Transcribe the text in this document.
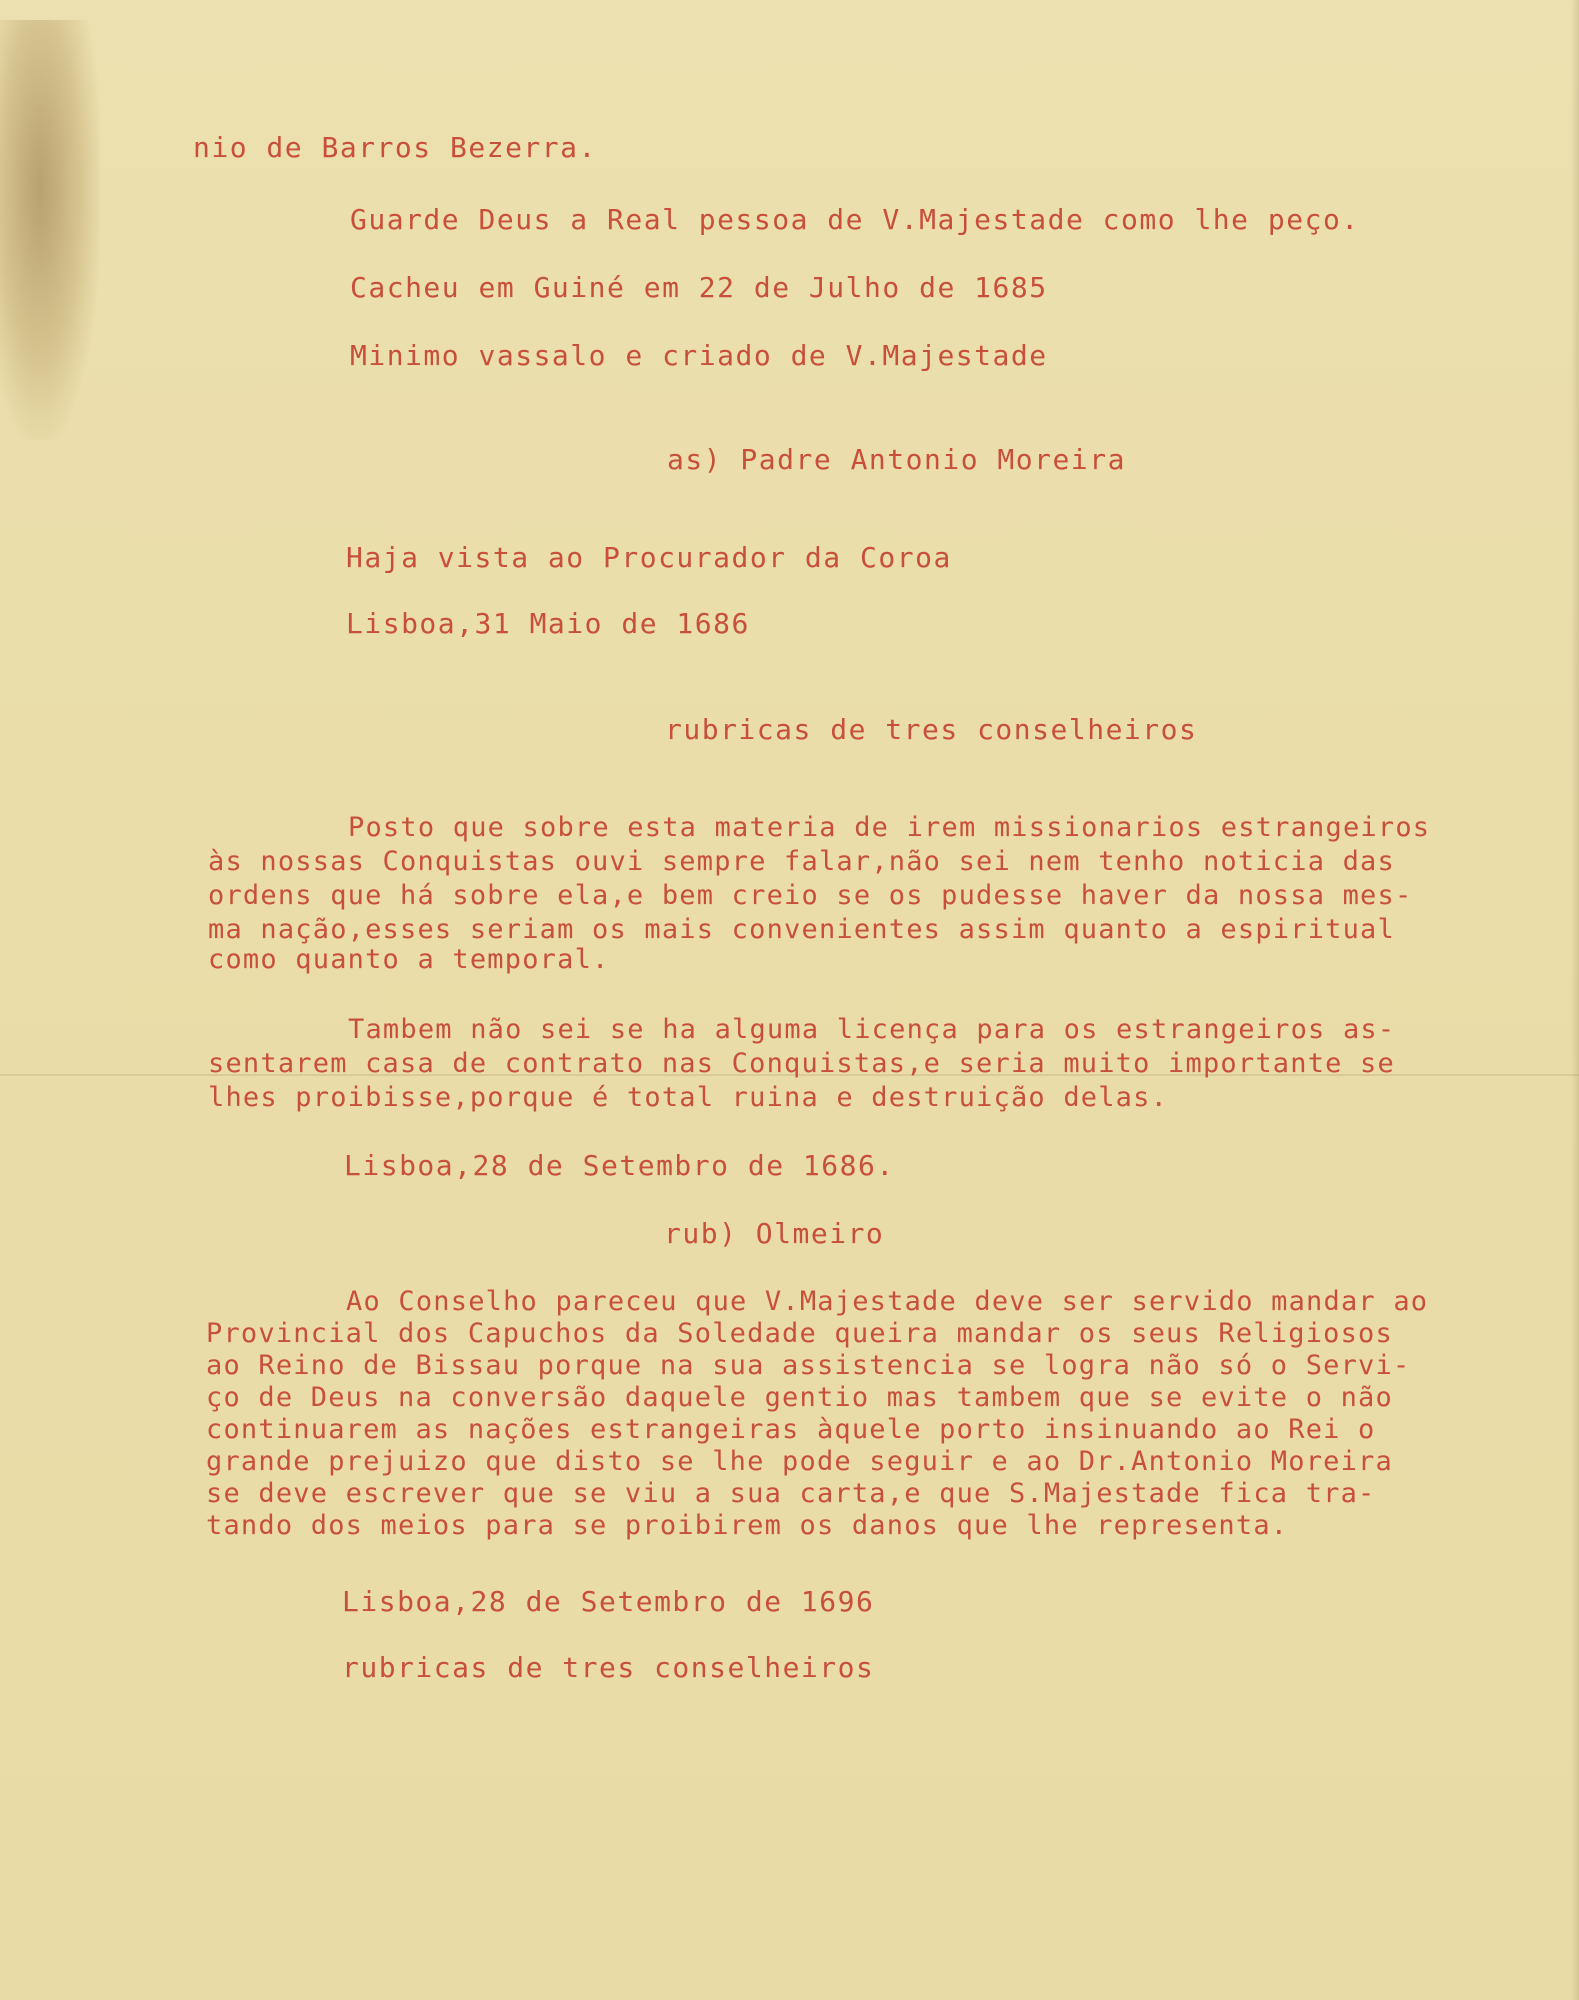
nio de Barros Bezerra.
Guarde Deus a Real pessoa de V.Majestade como lhe peço.
Cacheu em Guiné em 22 de Julho de 1685
Minimo vassalo e criado de V.Majestade
as) Padre Antonio Moreira
Haja vista ao Procurador da Coroa
Lisboa,31 Maio de 1686
rubricas de tres conselheiros
Posto que sobre esta materia de irem missionarios estrangeiros
às nossas Conquistas ouvi sempre falar,não sei nem tenho noticia das
ordens que há sobre ela,e bem creio se os pudesse haver da nossa mes-
ma nação,esses seriam os mais convenientes assim quanto a espiritual
como quanto a temporal.
Tambem não sei se ha alguma licença para os estrangeiros as-
sentarem casa de contrato nas Conquistas,e seria muito importante se
lhes proibisse,porque é total ruina e destruição delas.
Lisboa,28 de Setembro de 1686.
rub) Olmeiro
Ao Conselho pareceu que V.Majestade deve ser servido mandar ao
Provincial dos Capuchos da Soledade queira mandar os seus Religiosos
ao Reino de Bissau porque na sua assistencia se logra não só o Servi-
ço de Deus na conversão daquele gentio mas tambem que se evite o não
continuarem as nações estrangeiras àquele porto insinuando ao Rei o
grande prejuizo que disto se lhe pode seguir e ao Dr.Antonio Moreira
se deve escrever que se viu a sua carta,e que S.Majestade fica tra-
tando dos meios para se proibirem os danos que lhe representa.
Lisboa,28 de Setembro de 1696
rubricas de tres conselheiros
